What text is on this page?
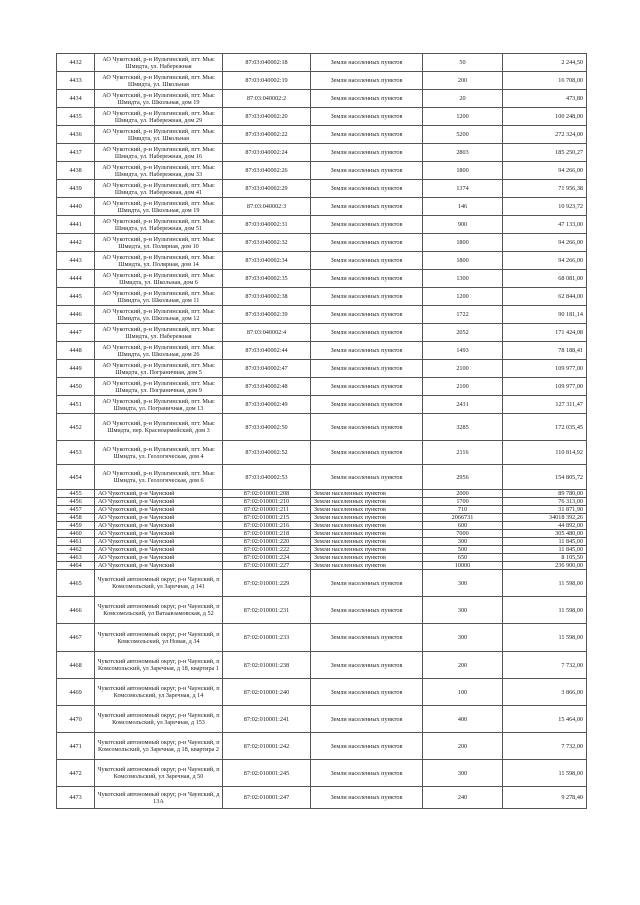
4432	АО Чукотский, р-н Иультинский, пгт. Мыс Шмидта, ул. Набережная	87:03:040002:18	Земли населенных пунктов	50	2 244,50
4433	АО Чукотский, р-н Иультинский, пгт. Мыс Шмидта, ул. Школьная	87:03:040002:19	Земли населенных пунктов	200	16 708,00
4434	АО Чукотский, р-н Иультинский, пгт. Мыс Шмидта, ул. Школьная, дом 19	87:03:040002:2	Земли населенных пунктов	20	473,80
4435	АО Чукотский, р-н Иультинский, пгт. Мыс Шмидта, ул. Набережная, дом 29	87:03:040002:20	Земли населенных пунктов	1200	100 248,00
4436	АО Чукотский, р-н Иультинский, пгт. Мыс Шмидта, ул. Школьная	87:03:040002:22	Земли населенных пунктов	5200	272 324,00
4437	АО Чукотский, р-н Иультинский, пгт. Мыс Шмидта, ул. Набережная, дом 16	87:03:040002:24	Земли населенных пунктов	2803	185 250,27
4438	АО Чукотский, р-н Иультинский, пгт. Мыс Шмидта, ул. Набережная, дом 33	87:03:040002:26	Земли населенных пунктов	1800	94 266,00
4439	АО Чукотский, р-н Иультинский, пгт. Мыс Шмидта, ул. Набережная, дом 41	87:03:040002:29	Земли населенных пунктов	1374	71 956,38
4440	АО Чукотский, р-н Иультинский, пгт. Мыс Шмидта, ул. Школьная, дом 19	87:03:040002:3	Земли населенных пунктов	146	10 923,72
4441	АО Чукотский, р-н Иультинский, пгт. Мыс Шмидта, ул. Набережная, дом 51	87:03:040002:31	Земли населенных пунктов	900	47 133,00
4442	АО Чукотский, р-н Иультинский, пгт. Мыс Шмидта, ул. Полярная, дом 10	87:03:040002:32	Земли населенных пунктов	1800	94 266,00
4443	АО Чукотский, р-н Иультинский, пгт. Мыс Шмидта, ул. Полярная, дом 14	87:03:040002:34	Земли населенных пунктов	1800	94 266,00
4444	АО Чукотский, р-н Иультинский, пгт. Мыс Шмидта, ул. Школьная, дом 6	87:03:040002:35	Земли населенных пунктов	1300	68 081,00
4445	АО Чукотский, р-н Иультинский, пгт. Мыс Шмидта, ул. Школьная, дом 11	87:03:040002:38	Земли населенных пунктов	1200	62 844,00
4446	АО Чукотский, р-н Иультинский, пгт. Мыс Шмидта, ул. Школьная, дом 12	87:03:040002:39	Земли населенных пунктов	1722	90 181,14
4447	АО Чукотский, р-н Иультинский, пгт. Мыс Шмидта, ул. Набережная	87:03:040002:4	Земли населенных пунктов	2052	171 424,08
4448	АО Чукотский, р-н Иультинский, пгт. Мыс Шмидта, ул. Школьная, дом 26	87:03:040002:44	Земли населенных пунктов	1493	78 188,41
4449	АО Чукотский, р-н Иультинский, пгт. Мыс Шмидта, ул. Пограничная, дом 5	87:03:040002:47	Земли населенных пунктов	2100	109 977,00
4450	АО Чукотский, р-н Иультинский, пгт. Мыс Шмидта, ул. Пограничная, дом 9	87:03:040002:48	Земли населенных пунктов	2100	109 977,00
4451	АО Чукотский, р-н Иультинский, пгт. Мыс Шмидта, ул. Пограничная, дом 13	87:03:040002:49	Земли населенных пунктов	2431	127 311,47
4452	АО Чукотский, р-н Иультинский, пгт. Мыс Шмидта, пер. Красноармейский, дом 3	87:03:040002:50	Земли населенных пунктов	3285	172 035,45
4453	АО Чукотский, р-н Иультинский, пгт. Мыс Шмидта, ул. Геологическая, дом 4	87:03:040002:52	Земли населенных пунктов	2116	110 814,92
4454	АО Чукотский, р-н Иультинский, пгт. Мыс Шмидта, ул. Геологическая, дом 6	87:03:040002:53	Земли населенных пунктов	2956	154 805,72
4455	АО Чукотский, р-н Чаунский	87:02:010001:208	Земли населенных пунктов	2000	89 780,00
4456	АО Чукотский, р-н Чаунский	87:02:010001:210	Земли населенных пунктов	1700	76 313,00
4457	АО Чукотский, р-н Чаунский	87:02:010001:211	Земли населенных пунктов	710	31 871,90
4458	АО Чукотский, р-н Чаунский	87:02:010001:215	Земли населенных пунктов	2066731	34018 392,26
4459	АО Чукотский, р-н Чаунский	87:02:010001:216	Земли населенных пунктов	600	44 892,00
4460	АО Чукотский, р-н Чаунский	87:02:010001:218	Земли населенных пунктов	7000	305 480,00
4461	АО Чукотский, р-н Чаунский	87:02:010001:220	Земли населенных пунктов	300	11 845,00
4462	АО Чукотский, р-н Чаунский	87:02:010001:222	Земли населенных пунктов	500	11 845,00
4463	АО Чукотский, р-н Чаунский	87:02:010001:224	Земли населенных пунктов	650	8 105,50
4464	АО Чукотский, р-н Чаунский	87:02:010001:227	Земли населенных пунктов	10000	236 900,00
4465	Чукотский автономный округ, р-н Чаунский, п Комсомольский, ул Заречная, д 141	87:02:010001:229	Земли населенных пунктов	300	11 598,00
4466	Чукотский автономный округ, р-н Чаунский, п Комсомольский, ул Ватаавзамовская, д 52	87:02:010001:231	Земли населенных пунктов	300	11 598,00
4467	Чукотский автономный округ, р-н Чаунский, п Комсомольский, ул Новая, д 34	87:02:010001:233	Земли населенных пунктов	300	11 598,00
4468	Чукотский автономный округ, р-н Чаунский, п Комсомольский, ул Заречная, д 18, квартира 1	87:02:010001:238	Земли населенных пунктов	200	7 732,00
4469	Чукотский автономный округ, р-н Чаунский, п Комсомольский, ул Заречная, д 14	87:02:010001:240	Земли населенных пунктов	100	3 866,00
4470	Чукотский автономный округ, р-н Чаунский, п Комсомольский, ул Заречная, д 153	87:02:010001:241	Земли населенных пунктов	400	15 464,00
4471	Чукотский автономный округ, р-н Чаунский, п Комсомольский, ул Заречная, д 18, квартира 2	87:02:010001:242	Земли населенных пунктов	200	7 732,00
4472	Чукотский автономный округ, р-н Чаунский, п Комсомольский, ул Заречная, д 50	87:02:010001:245	Земли населенных пунктов	300	11 598,00
4473	Чукотский автономный округ, р-н Чаунский, д 13А	87:02:010001:247	Земли населенных пунктов	240	9 278,40
